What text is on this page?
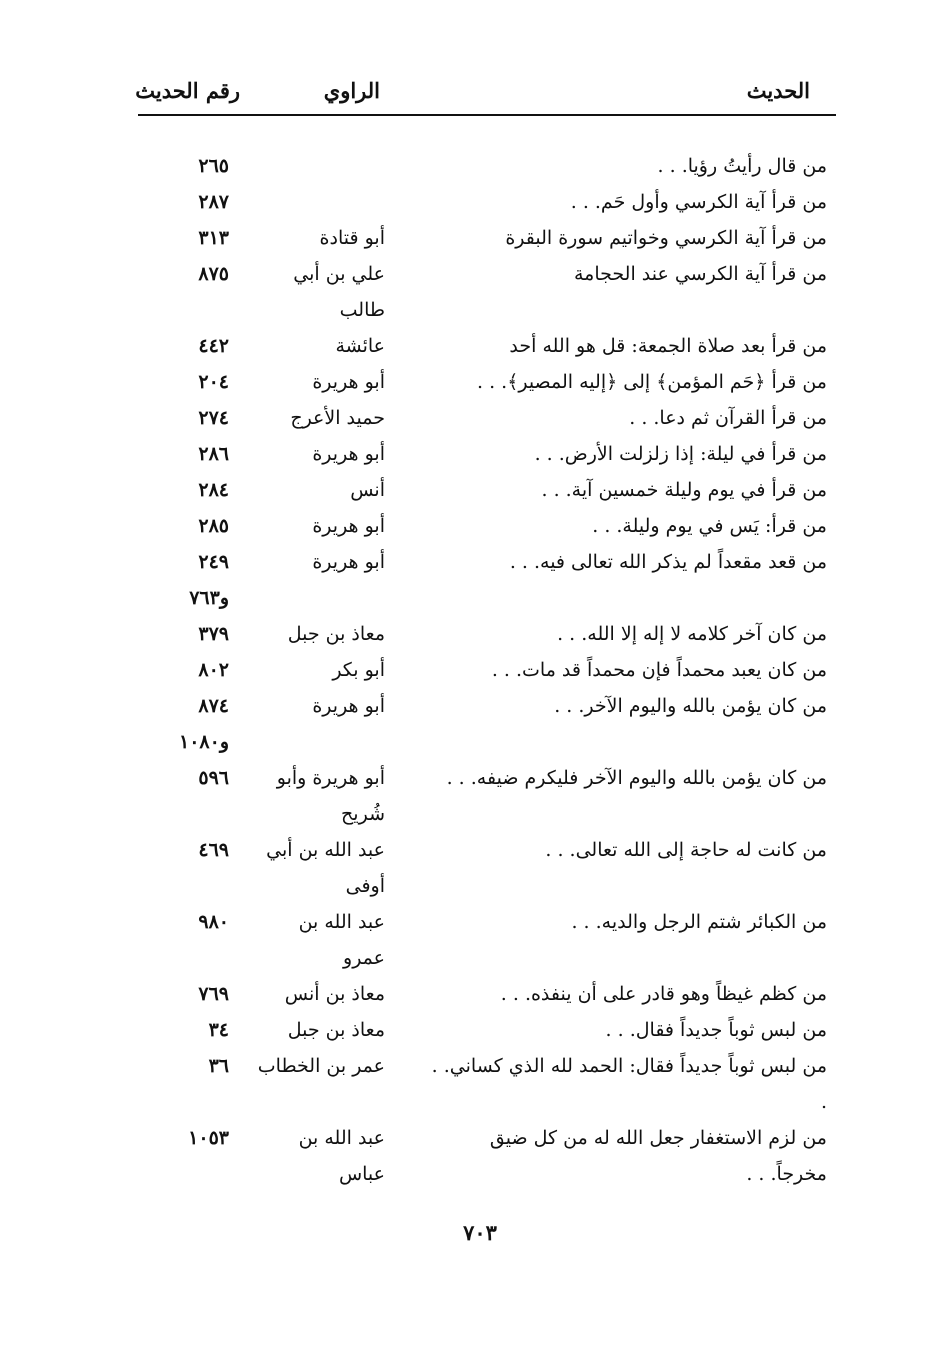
الحديث
الراوي
رقم الحديث
من قال رأيتُ رؤيا. . .
٢٦٥
من قرأ آية الكرسي وأول حَم. . .
٢٨٧
من قرأ آية الكرسي وخواتيم سورة البقرة
أبو قتادة
٣١٣
من قرأ آية الكرسي عند الحجامة
علي بن أبي طالب
٨٧٥
من قرأ بعد صلاة الجمعة: قل هو الله أحد
عائشة
٤٤٢
من قرأ ﴿حَم المؤمن﴾ إلى ﴿إليه المصير﴾. . .
أبو هريرة
٢٠٤
من قرأ القرآن ثم دعا. . .
حميد الأعرج
٢٧٤
من قرأ في ليلة: إذا زلزلت الأرض. . .
أبو هريرة
٢٨٦
من قرأ في يوم وليلة خمسين آية. . .
أنس
٢٨٤
من قرأ: يَس في يوم وليلة. . .
أبو هريرة
٢٨٥
من قعد مقعداً لم يذكر الله تعالى فيه. . .
أبو هريرة
٢٤٩
و٧٦٣
من كان آخر كلامه لا إله إلا الله. . .
معاذ بن جبل
٣٧٩
من كان يعبد محمداً فإن محمداً قد مات. . .
أبو بكر
٨٠٢
من كان يؤمن بالله واليوم الآخر. . .
أبو هريرة
٨٧٤
و١٠٨٠
من كان يؤمن بالله واليوم الآخر فليكرم ضيفه. . .
أبو هريرة وأبو شُريح
٥٩٦
من كانت له حاجة إلى الله تعالى. . .
عبد الله بن أبي أوفى
٤٦٩
من الكبائر شتم الرجل والديه. . .
عبد الله بن عمرو
٩٨٠
من كظم غيظاً وهو قادر على أن ينفذه. . .
معاذ بن أنس
٧٦٩
من لبس ثوباً جديداً فقال. . .
معاذ بن جبل
٣٤
من لبس ثوباً جديداً فقال: الحمد لله الذي كساني. . .
عمر بن الخطاب
٣٦
من لزم الاستغفار جعل الله له من كل ضيق مخرجاً. . .
عبد الله بن عباس
١٠٥٣
٧٠٣
